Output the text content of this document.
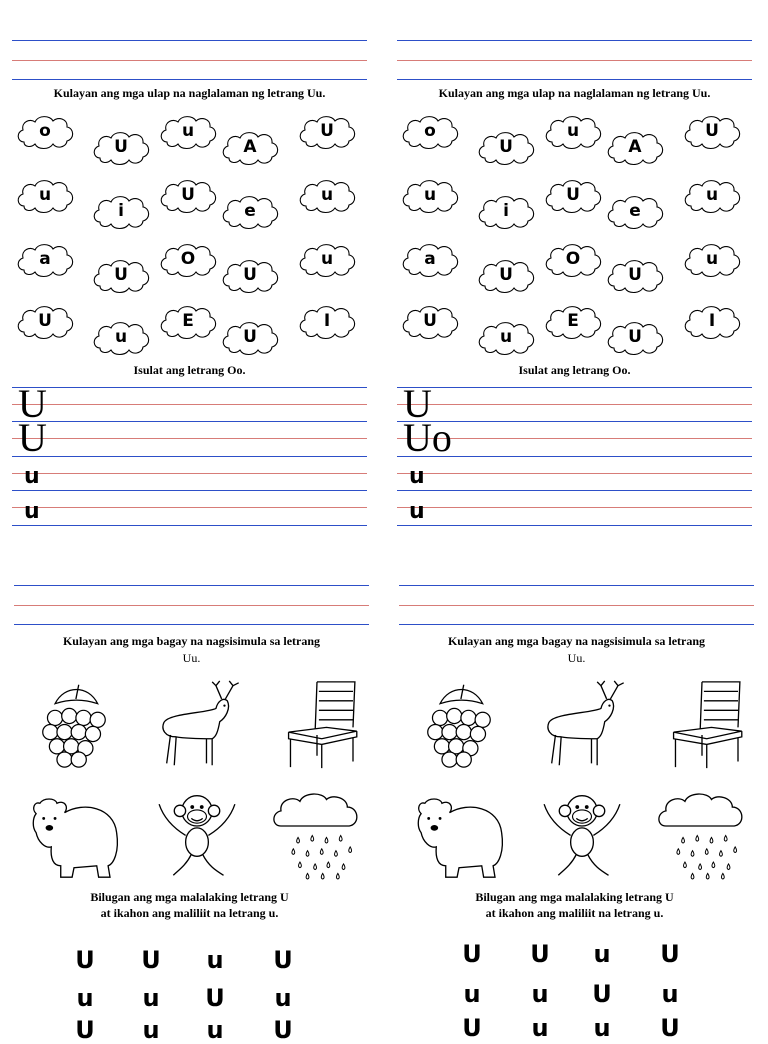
Kulayan ang mga ulap na naglalaman ng letrang Uu.
o
U
u
A
U
u
i
U
e
u
a
U
O
U
u
U
u
E
U
I
Isulat ang letrang Oo.
U
U
u
u
Kulayan ang mga bagay na nagsisimula sa letrang
Uu.
Bilugan ang mga malalaking letrang U
at ikahon ang maliliit na letrang u.
U U u U
u u U u
U u u U
Kulayan ang mga ulap na naglalaman ng letrang Uu.
o
U
u
A
U
u
i
U
e
u
a
U
O
U
u
U
u
E
U
I
Isulat ang letrang Oo.
U
Uo
u
u
Kulayan ang mga bagay na nagsisimula sa letrang
Uu.
Bilugan ang mga malalaking letrang U
at ikahon ang maliliit na letrang u.
U U u U
u u U u
U u u U
